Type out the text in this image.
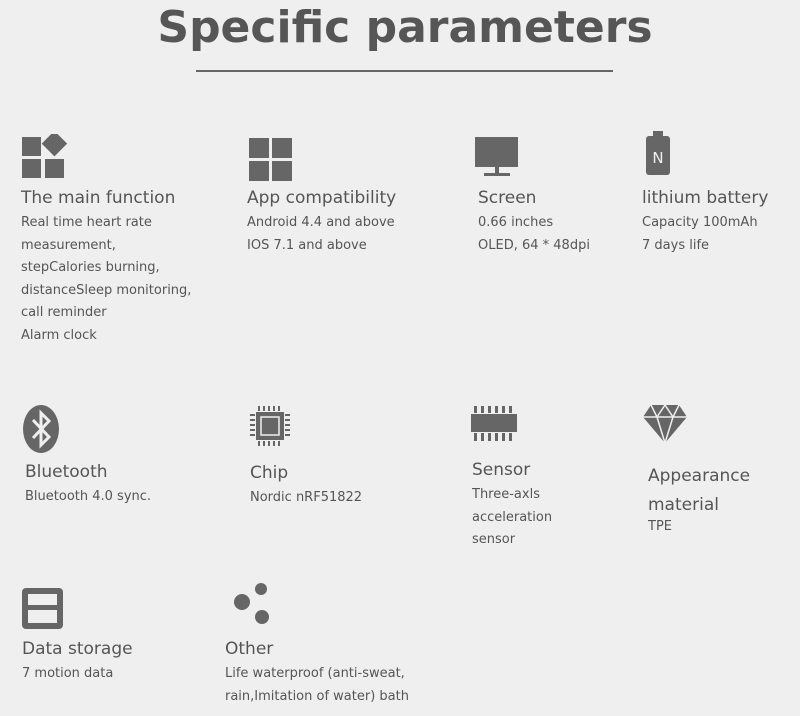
Specific parameters
The main function
Real time heart rate
measurement,
stepCalories burning,
distanceSleep monitoring,
call reminder
Alarm clock
App compatibility
Android 4.4 and above
IOS 7.1 and above
Screen
0.66 inches
OLED, 64 * 48dpi
N
lithium battery
Capacity 100mAh
7 days life
Bluetooth
Bluetooth 4.0 sync.
Chip
Nordic nRF51822
Sensor
Three-axls
acceleration
sensor
Appearance
material
TPE
Data storage
7 motion data
Other
Life waterproof (anti-sweat,
rain,Imitation of water) bath
